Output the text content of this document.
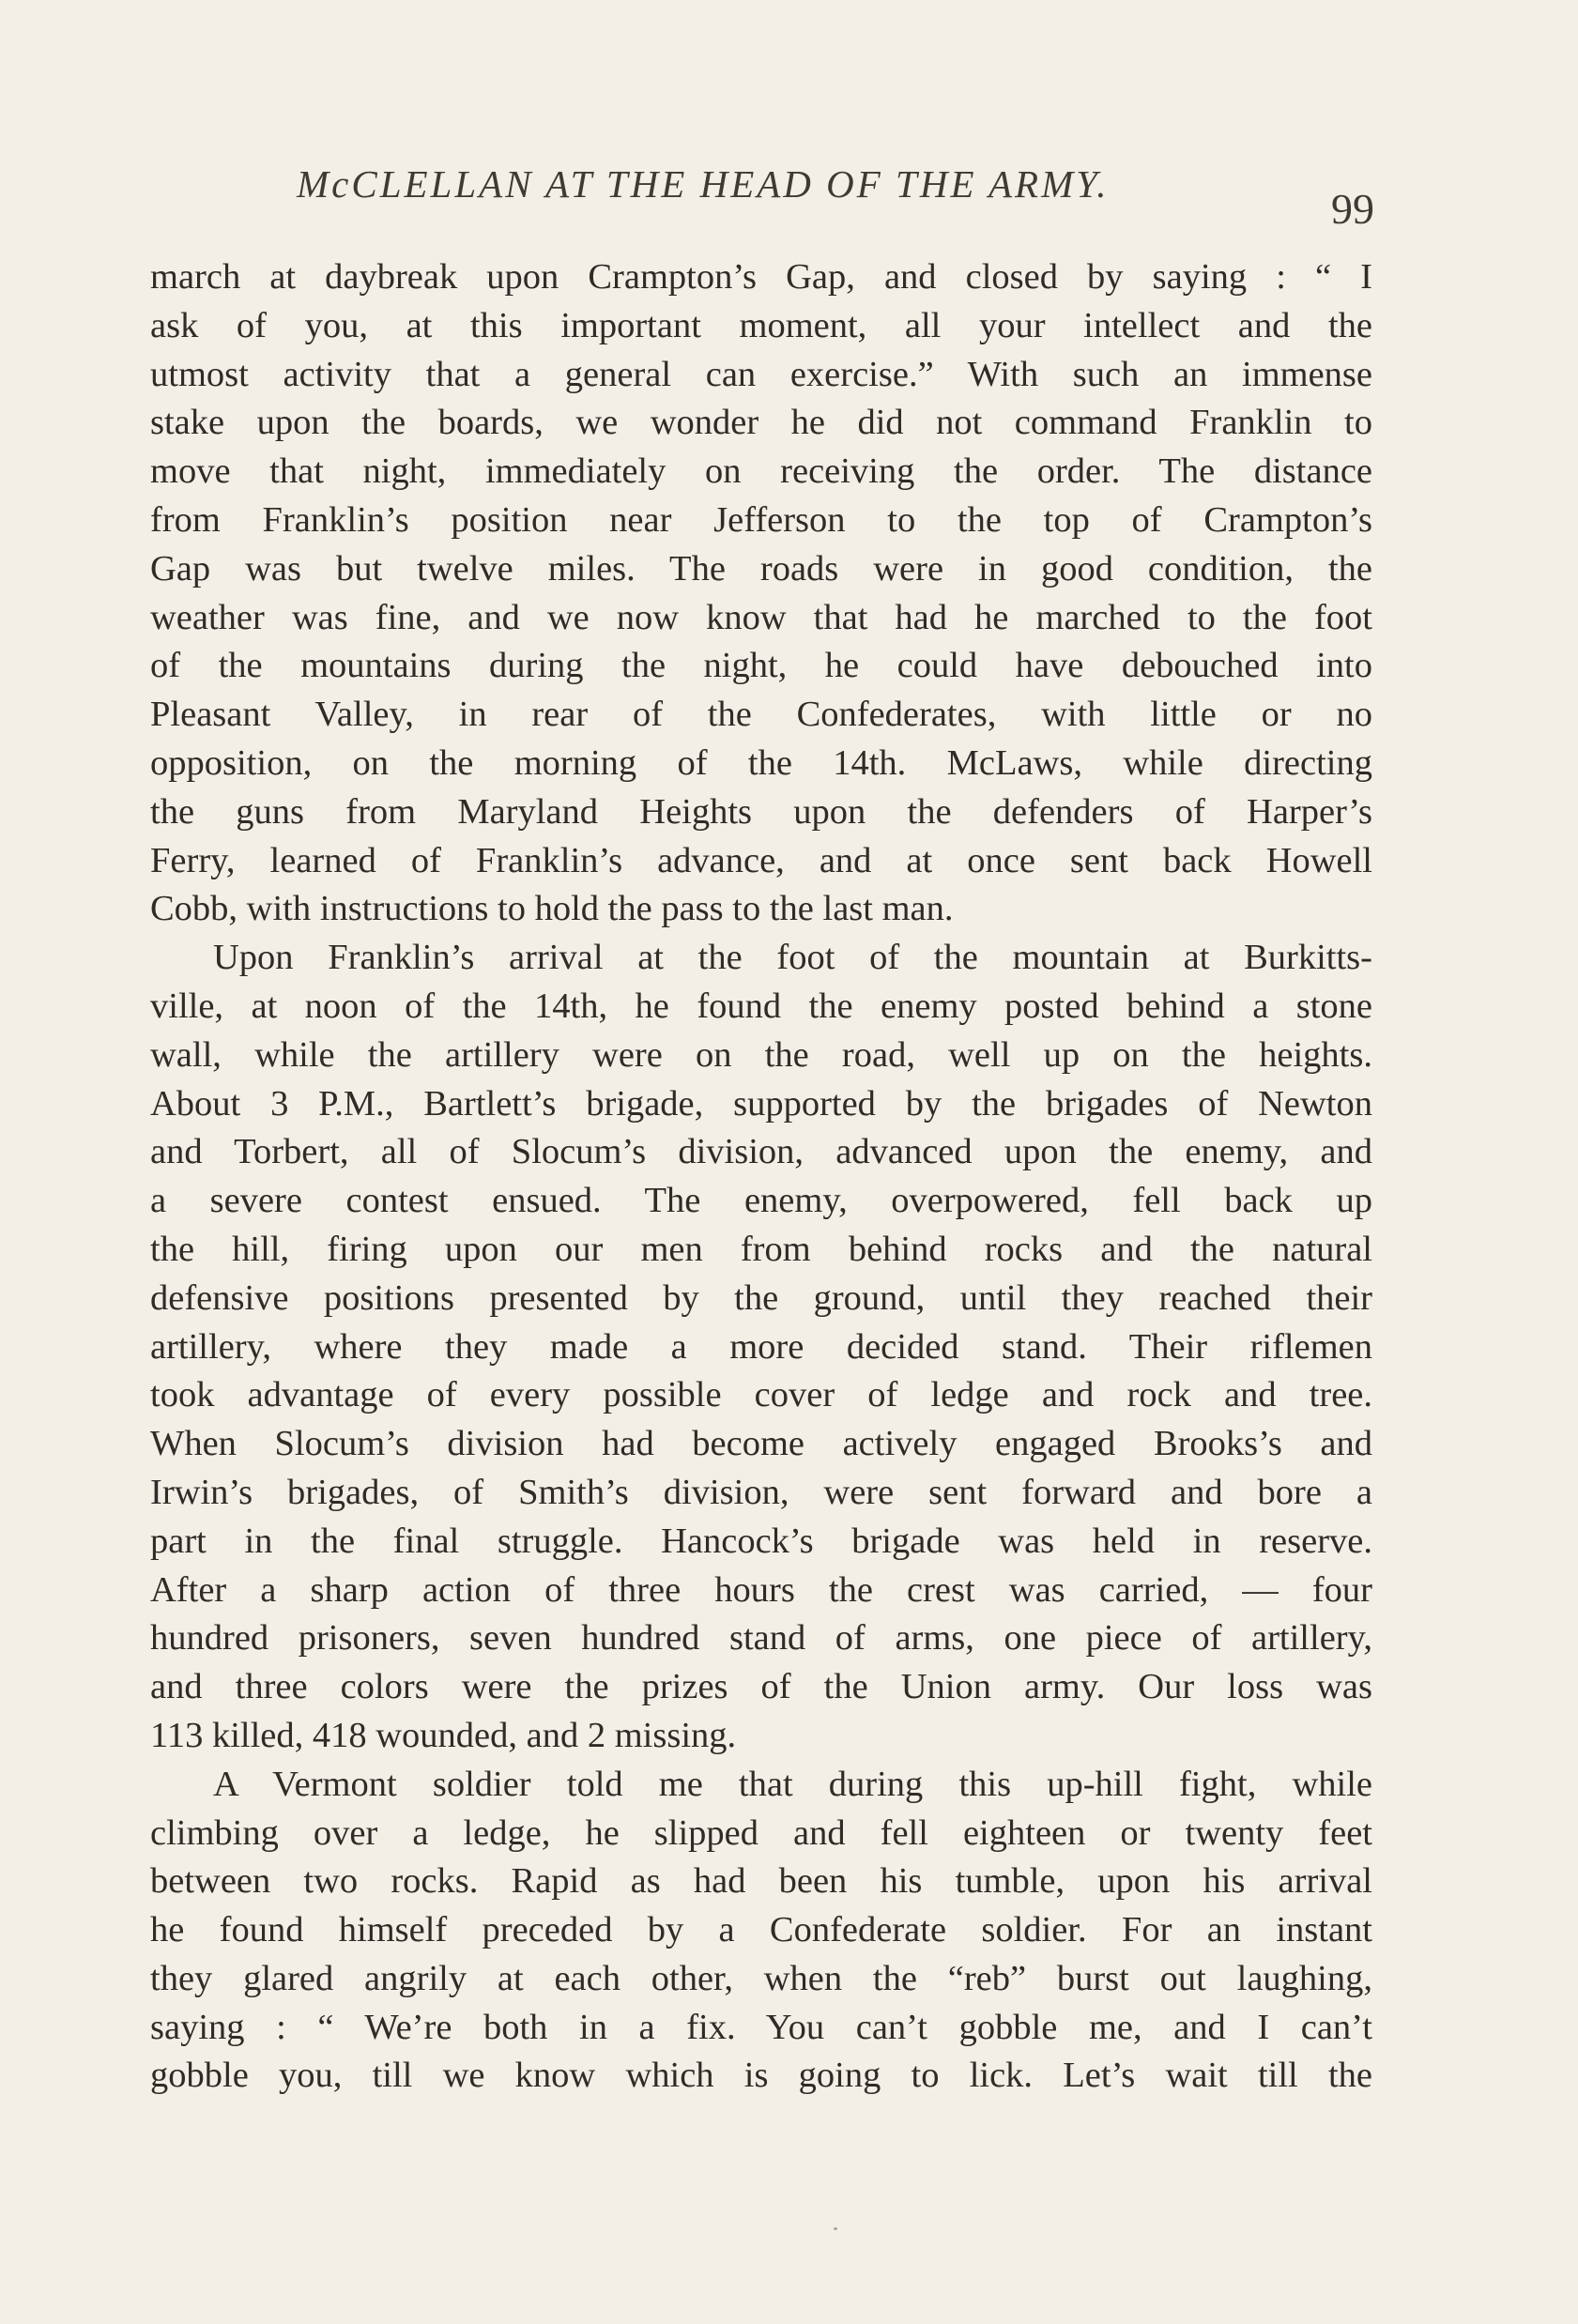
McCLELLAN AT THE HEAD OF THE ARMY.
99
march at daybreak upon Crampton’s Gap, and closed by saying : “ I
ask of you, at this important moment, all your intellect and the
utmost activity that a general can exercise.” With such an immense
stake upon the boards, we wonder he did not command Franklin to
move that night, immediately on receiving the order. The distance
from Franklin’s position near Jefferson to the top of Crampton’s
Gap was but twelve miles. The roads were in good condition, the
weather was fine, and we now know that had he marched to the foot
of the mountains during the night, he could have debouched into
Pleasant Valley, in rear of the Confederates, with little or no
opposition, on the morning of the 14th. McLaws, while directing
the guns from Maryland Heights upon the defenders of Harper’s
Ferry, learned of Franklin’s advance, and at once sent back Howell
Cobb, with instructions to hold the pass to the last man.
Upon Franklin’s arrival at the foot of the mountain at Burkitts-
ville, at noon of the 14th, he found the enemy posted behind a stone
wall, while the artillery were on the road, well up on the heights.
About 3 P.M., Bartlett’s brigade, supported by the brigades of Newton
and Torbert, all of Slocum’s division, advanced upon the enemy, and
a severe contest ensued. The enemy, overpowered, fell back up
the hill, firing upon our men from behind rocks and the natural
defensive positions presented by the ground, until they reached their
artillery, where they made a more decided stand. Their riflemen
took advantage of every possible cover of ledge and rock and tree.
When Slocum’s division had become actively engaged Brooks’s and
Irwin’s brigades, of Smith’s division, were sent forward and bore a
part in the final struggle. Hancock’s brigade was held in reserve.
After a sharp action of three hours the crest was carried, — four
hundred prisoners, seven hundred stand of arms, one piece of artillery,
and three colors were the prizes of the Union army. Our loss was
113 killed, 418 wounded, and 2 missing.
A Vermont soldier told me that during this up-hill fight, while
climbing over a ledge, he slipped and fell eighteen or twenty feet
between two rocks. Rapid as had been his tumble, upon his arrival
he found himself preceded by a Confederate soldier. For an instant
they glared angrily at each other, when the “reb” burst out laughing,
saying : “ We’re both in a fix. You can’t gobble me, and I can’t
gobble you, till we know which is going to lick. Let’s wait till the
